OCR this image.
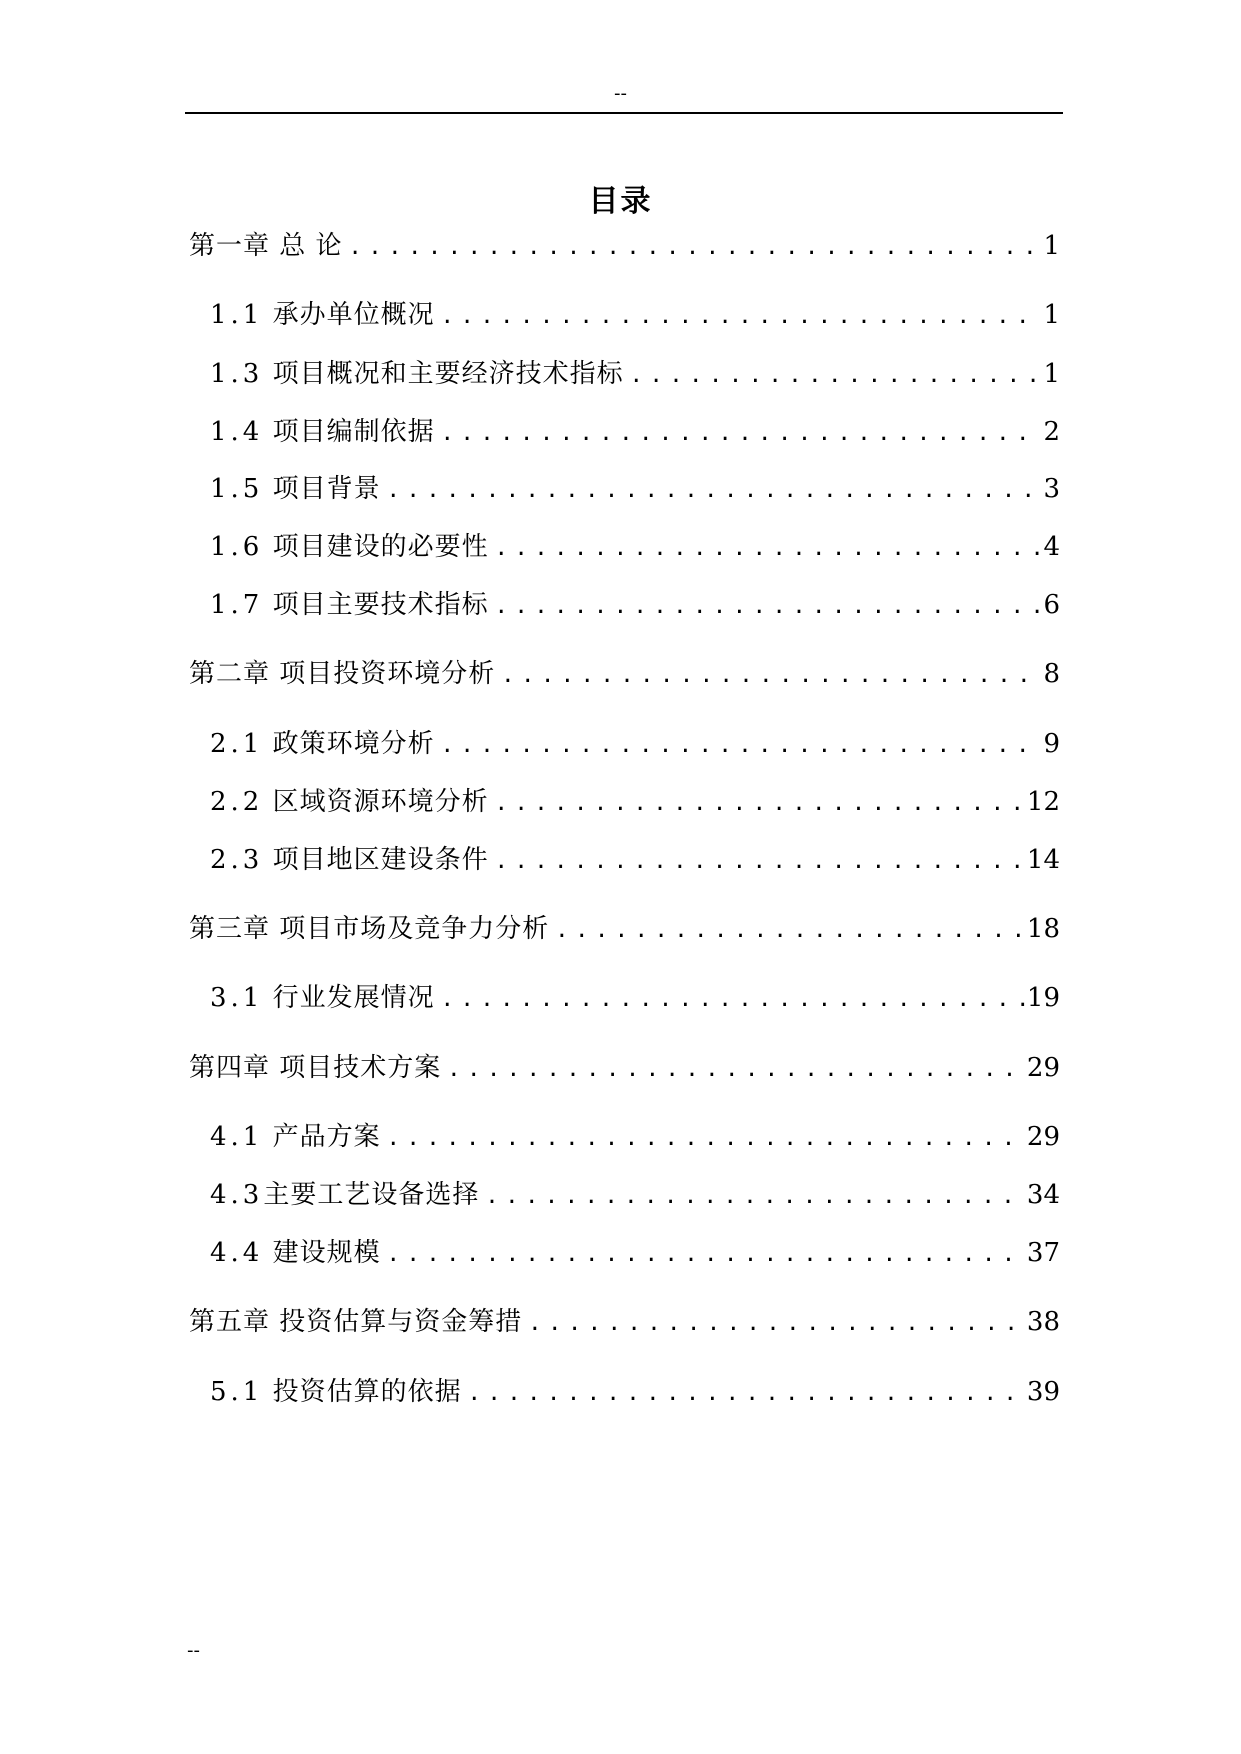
--
目录
第一章 总 论 .....	1
1.1 承办单位概况 .....	1
1.3 项目概况和主要经济技术指标 .....	1
1.4 项目编制依据 .....	2
1.5 项目背景 .....	3
1.6 项目建设的必要性 .....	4
1.7 项目主要技术指标 .....	6
第二章 项目投资环境分析 .....	8
2.1 政策环境分析 .....	9
2.2 区域资源环境分析 .....	12
2.3 项目地区建设条件 .....	14
第三章 项目市场及竞争力分析 .....	18
3.1 行业发展情况 .....	19
第四章 项目技术方案 .....	29
4.1 产品方案 .....	29
4.3主要工艺设备选择 .....	34
4.4 建设规模 .....	37
第五章 投资估算与资金筹措 .....	38
5.1 投资估算的依据 .....	39
--
